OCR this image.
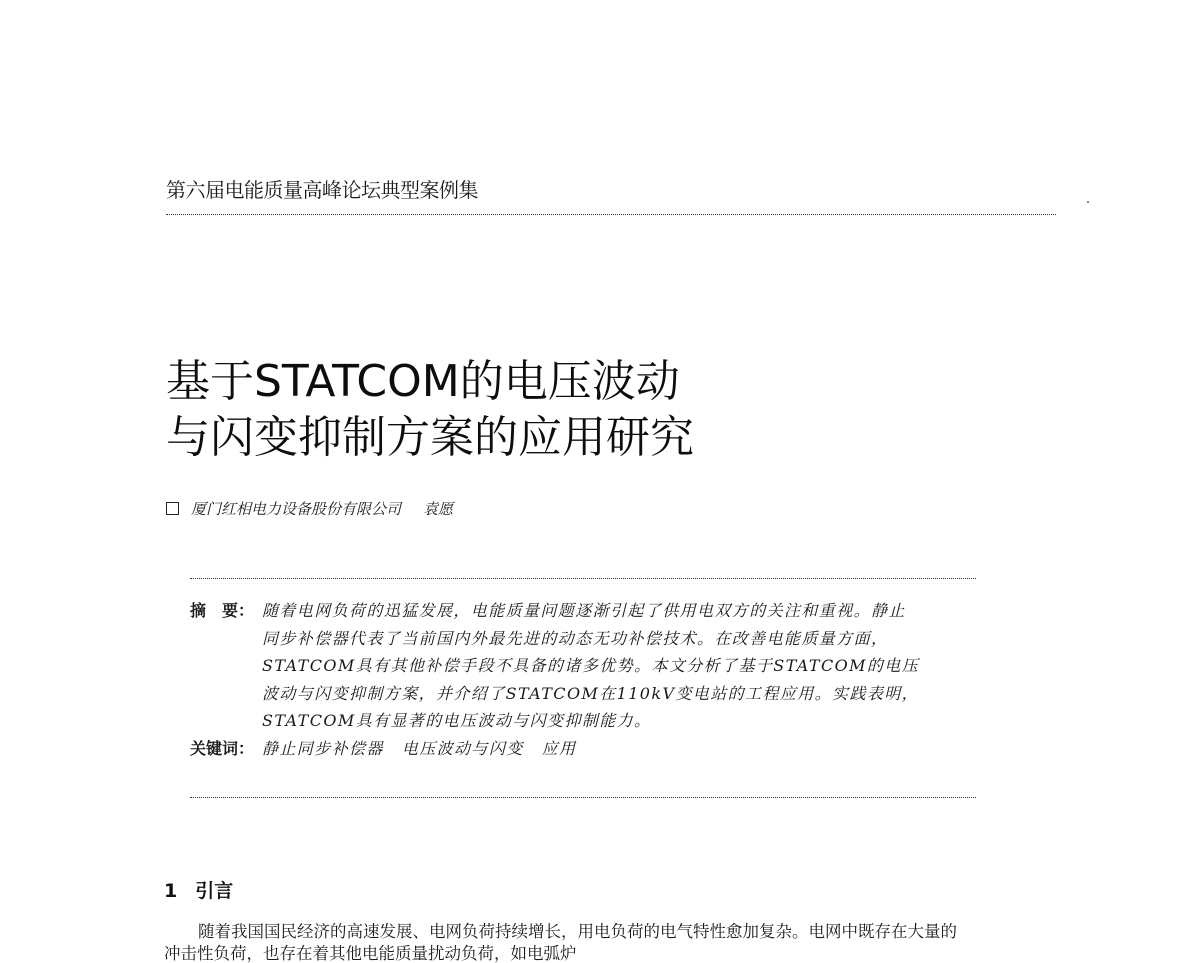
第六届电能质量高峰论坛典型案例集
基于STATCOM的电压波动
与闪变抑制方案的应用研究
厦门红相电力设备股份有限公司 袁愿
摘　要： 随着电网负荷的迅猛发展，电能质量问题逐渐引起了供用电双方的关注和重视。静止
同步补偿器代表了当前国内外最先进的动态无功补偿技术。在改善电能质量方面，
STATCOM具有其他补偿手段不具备的诸多优势。本文分析了基于STATCOM的电压
波动与闪变抑制方案，并介绍了STATCOM在110kV变电站的工程应用。实践表明，
STATCOM具有显著的电压波动与闪变抑制能力。
关键词： 静止同步补偿器 电压波动与闪变 应用
1 引言

随着我国国民经济的高速发展、电网负荷持续增长，用电负荷的电气特性愈加复杂。电网中既存在大量的

冲击性负荷，也存在着其他电能质量扰动负荷，如电弧炉
